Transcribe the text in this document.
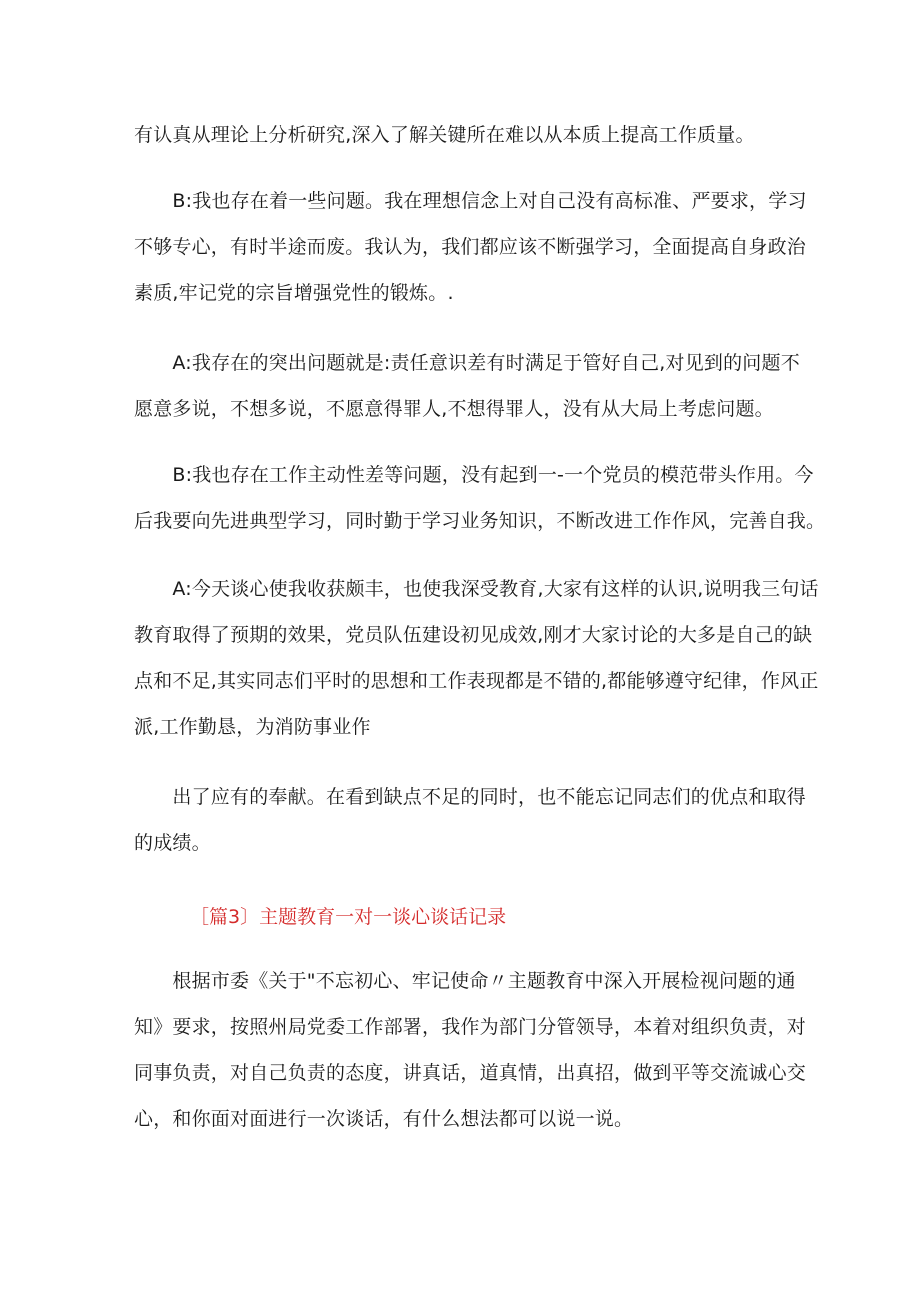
有认真从理论上分析研究,深入了解关键所在难以从本质上提高工作质量。

　　B:我也存在着一些问题。我在理想信念上对自己没有高标准、严要求，学习
不够专心，有时半途而废。我认为，我们都应该不断强学习，全面提高自身政治
素质,牢记党的宗旨增强党性的锻炼。.

　　A:我存在的突出问题就是:责任意识差有时满足于管好自己,对见到的问题不
愿意多说，不想多说，不愿意得罪人,不想得罪人，没有从大局上考虑问题。

　　B:我也存在工作主动性差等问题，没有起到一-一个党员的模范带头作用。今
后我要向先进典型学习，同时勤于学习业务知识，不断改进工作作风，完善自我。

　　A:今天谈心使我收获颇丰，也使我深受教育,大家有这样的认识,说明我三句话
教育取得了预期的效果，党员队伍建设初见成效,刚才大家讨论的大多是自己的缺
点和不足,其实同志们平时的思想和工作表现都是不错的,都能够遵守纪律，作风正
派,工作勤恳，为消防事业作

　　出了应有的奉献。在看到缺点不足的同时，也不能忘记同志们的优点和取得
的成绩。

［篇3〕主题教育一对一谈心谈话记录

　　根据市委《关于"不忘初心、牢记使命〃主题教育中深入开展检视问题的通
知》要求，按照州局党委工作部署，我作为部门分管领导，本着对组织负责，对
同事负责，对自己负责的态度，讲真话，道真情，出真招，做到平等交流诚心交
心，和你面对面进行一次谈话，有什么想法都可以说一说。
